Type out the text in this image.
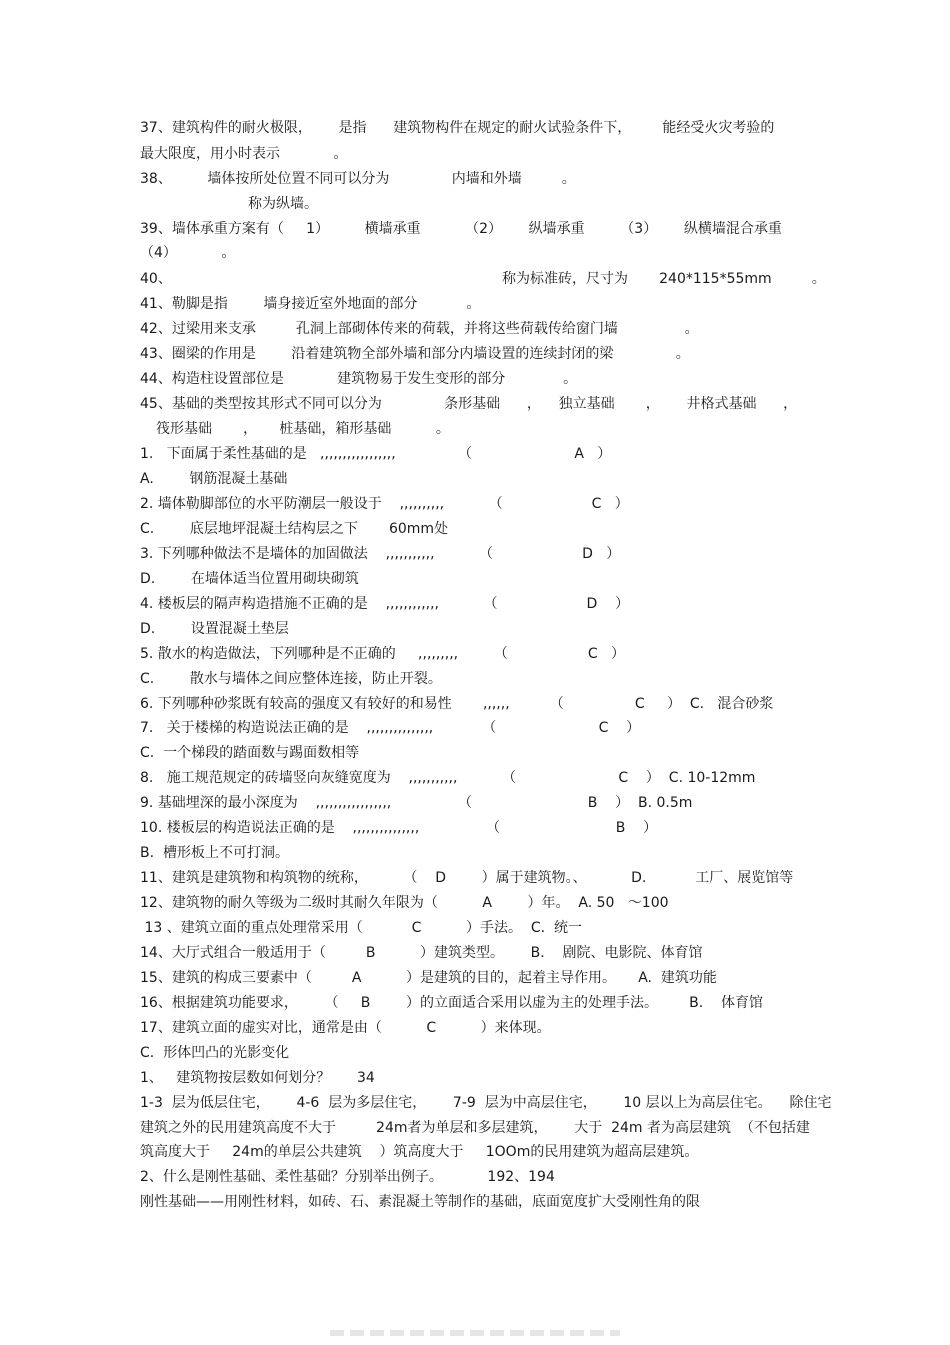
37、建筑构件的耐火极限，      是指      建筑物构件在规定的耐火试验条件下，       能经受火灾考验的
最大限度，用小时表示            。
38、        墙体按所处位置不同可以分为              内墙和外墙         。
称为纵墙。
39、墙体承重方案有（     1）        横墙承重          （2）      纵墙承重        （3）      纵横墙混合承重
（4）          。
40、	称为标准砖，尺寸为       240*115*55mm         。
41、勒脚是指        墙身接近室外地面的部分           。
42、过梁用来支承         孔洞上部砌体传来的荷载，并将这些荷载传给窗门墙               。
43、圈梁的作用是        沿着建筑物全部外墙和部分内墙设置的连续封闭的梁              。
44、构造柱设置部位是            建筑物易于发生变形的部分             。
45、基础的类型按其形式不同可以分为              条形基础      ，    独立基础       ，      井格式基础      ，
筏形基础       ，     桩基础，箱形基础          。
1.   下面属于柔性基础的是   ,,,,,,,,,,,,,,,,,              （                       A   ）
A.        钢筋混凝土基础
2. 墙体勒脚部位的水平防潮层一般设于    ,,,,,,,,,,          （                    C   ）
C.        底层地坪混凝土结构层之下       60mm处
3. 下列哪种做法不是墙体的加固做法    ,,,,,,,,,,,          （                    D   ）
D.        在墙体适当位置用砌块砌筑
4. 楼板层的隔声构造措施不正确的是    ,,,,,,,,,,,,          （                    D    ）
D.        设置混凝土垫层
5. 散水的构造做法，下列哪种是不正确的     ,,,,,,,,,        （                  C   ）
C.        散水与墙体之间应整体连接，防止开裂。
6. 下列哪种砂浆既有较高的强度又有较好的和易性       ,,,,,,         （                C     ）  C.   混合砂浆
7.   关于楼梯的构造说法正确的是    ,,,,,,,,,,,,,,,           （                       C    ）
C.  一个梯段的踏面数与踢面数相等
8.   施工规范规定的砖墙竖向灰缝宽度为    ,,,,,,,,,,,          （                       C    ）  C. 10-12mm
9. 基础埋深的最小深度为    ,,,,,,,,,,,,,,,,,               （                          B    ）  B. 0.5m
10. 楼板层的构造说法正确的是    ,,,,,,,,,,,,,,,               （                          B    ）
B.  槽形板上不可打洞。
11、建筑是建筑物和构筑物的统称，        （    D        ）属于建筑物。、          D.           工厂、展览馆等
12、建筑物的耐久等级为二级时其耐久年限为（          A        ）年。  A. 50   ～100
13 、建筑立面的重点处理常采用（           C          ）手法。  C.  统一
14、大厅式组合一般适用于（         B          ）建筑类型。      B.    剧院、电影院、体育馆
15、建筑的构成三要素中（         A          ）是建筑的目的，起着主导作用。     A.  建筑功能
16、根据建筑功能要求，      （     B        ）的立面适合采用以虚为主的处理手法。       B.    体育馆
17、建筑立面的虚实对比，通常是由（          C          ）来体现。
C.  形体凹凸的光影变化
1、   建筑物按层数如何划分？      34
1-3  层为低层住宅，      4-6  层为多层住宅，      7-9  层为中高层住宅，      10 层以上为高层住宅。    除住宅
建筑之外的民用建筑高度不大于         24m者为单层和多层建筑，      大于  24m 者为高层建筑  （不包括建
筑高度大于     24m的单层公共建筑    ）筑高度大于     1OOm的民用建筑为超高层建筑。
2、什么是刚性基础、柔性基础？分别举出例子。          192、194
刚性基础——用刚性材料，如砖、石、素混凝土等制作的基础，底面宽度扩大受刚性角的限
